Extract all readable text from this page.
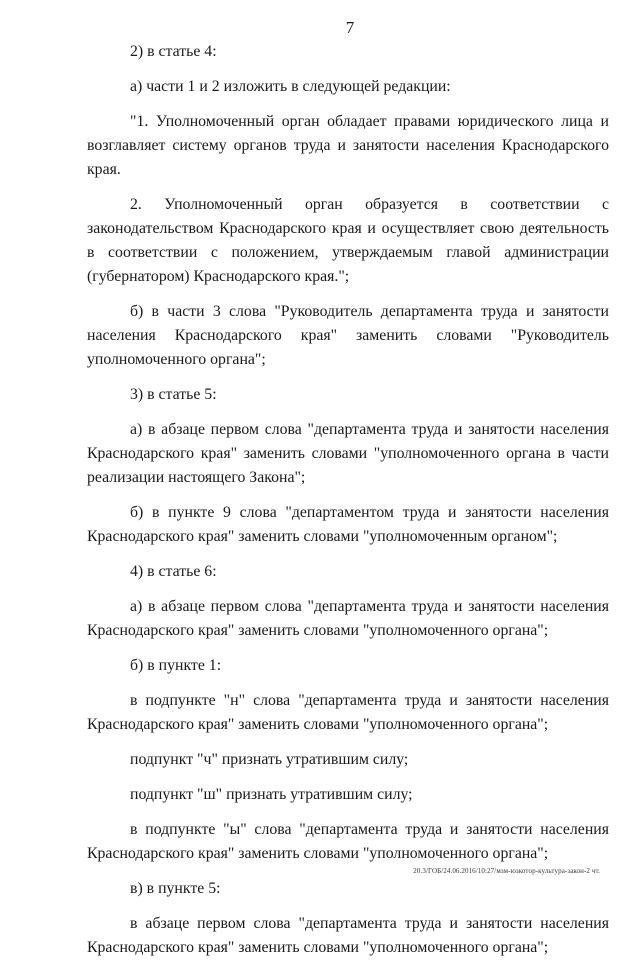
7

2) в статье 4:

а) части 1 и 2 изложить в следующей редакции:

"1. Уполномоченный орган обладает правами юридического лица и возглавляет систему органов труда и занятости населения Краснодарского края.

2. Уполномоченный орган образуется в соответствии с законодательством Краснодарского края и осуществляет свою деятельность в соответствии с положением, утверждаемым главой администрации (губернатором) Краснодарского края.";

б) в части 3 слова "Руководитель департамента труда и занятости населения Краснодарского края" заменить словами "Руководитель уполномоченного органа";

3) в статье 5:

а) в абзаце первом слова "департамента труда и занятости населения Краснодарского края" заменить словами "уполномоченного органа в части реализации настоящего Закона";

б) в пункте 9 слова "департаментом труда и занятости населения Краснодарского края" заменить словами "уполномоченным органом";

4) в статье 6:

а) в абзаце первом слова "департамента труда и занятости населения Краснодарского края" заменить словами "уполномоченного органа";

б) в пункте 1:

в подпункте "н" слова "департамента труда и занятости населения Краснодарского края" заменить словами "уполномоченного органа";

подпункт "ч" признать утратившим силу;

подпункт "ш" признать утратившим силу;

в подпункте "ы" слова "департамента труда и занятости населения Краснодарского края" заменить словами "уполномоченного органа";

в) в пункте 5:

в абзаце первом слова "департамента труда и занятости населения Краснодарского края" заменить словами "уполномоченного органа";

20.3/ГОБ/24.06.2016/10:27/мзм-юзкотор-культура-закон-2 чт.
